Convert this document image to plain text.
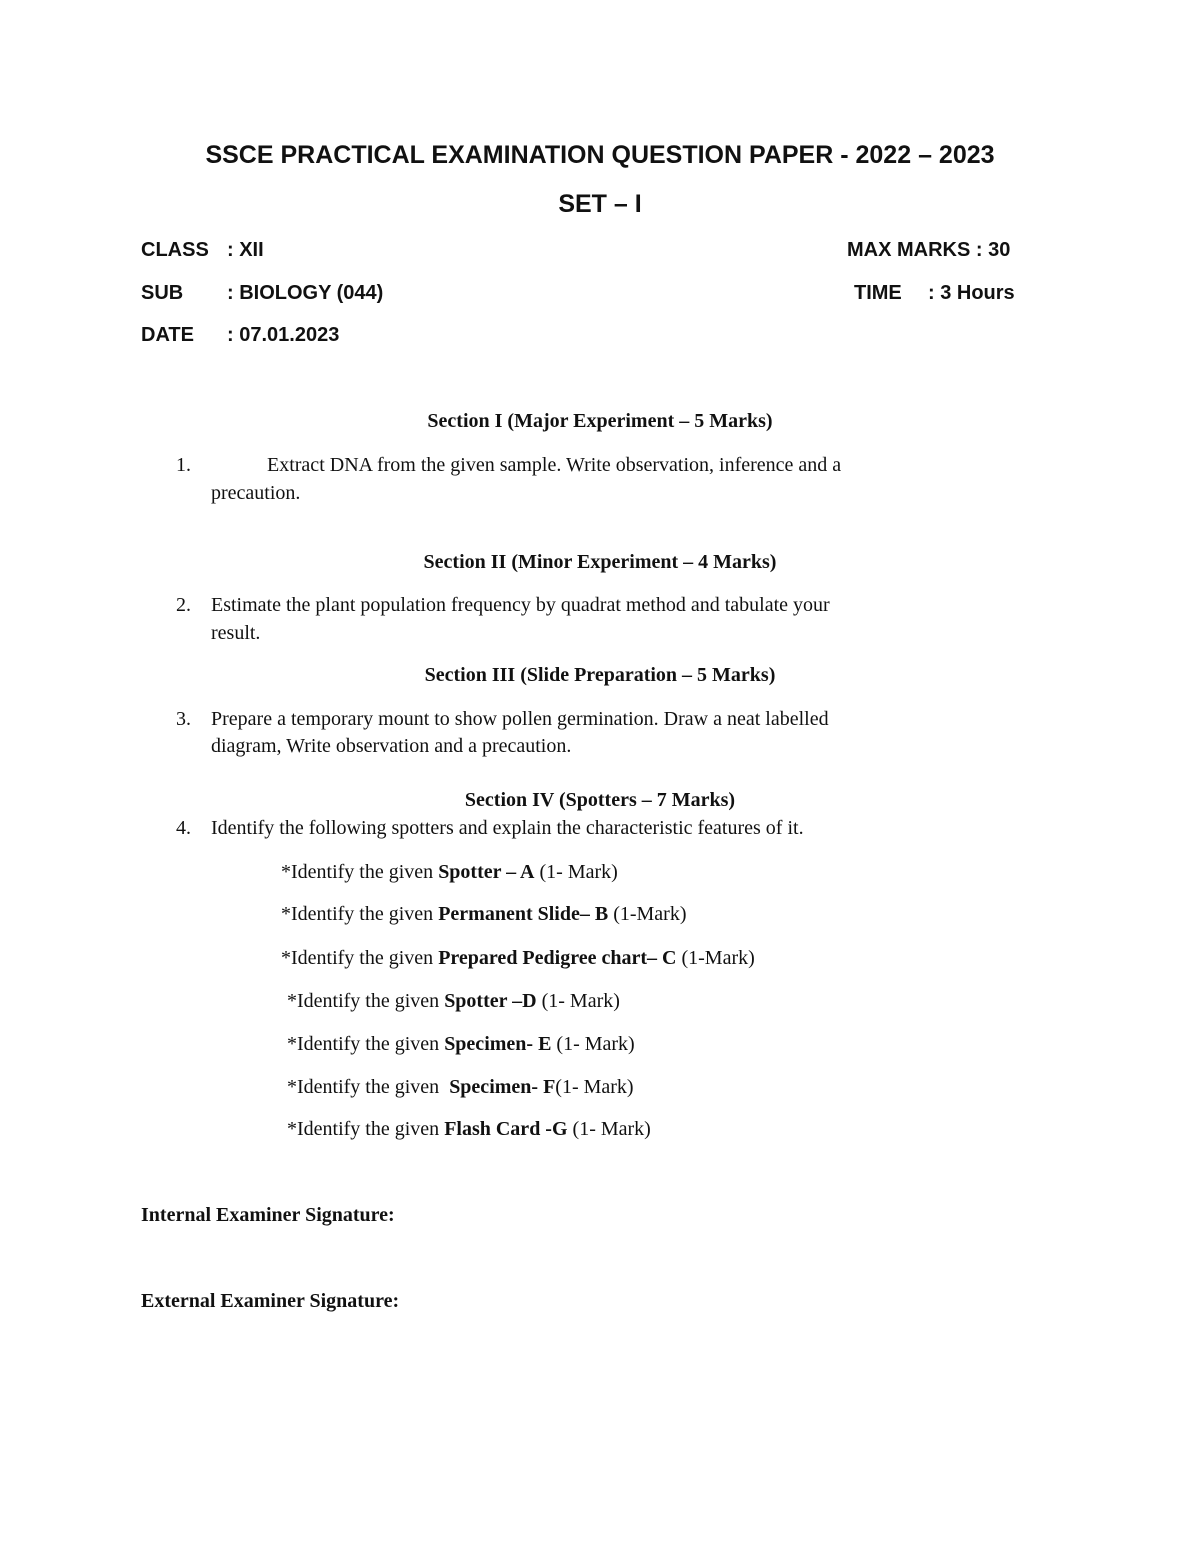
SSCE PRACTICAL EXAMINATION QUESTION PAPER - 2022 – 2023
SET – I
CLASS : XII	MAX MARKS : 30
SUB : BIOLOGY (044)	TIME : 3 Hours
DATE : 07.01.2023
Section I (Major Experiment – 5 Marks)
1.	Extract DNA from the given sample. Write observation, inference and a
precaution.
Section II (Minor Experiment – 4 Marks)
2. Estimate the plant population frequency by quadrat method and tabulate your
result.
Section III (Slide Preparation – 5 Marks)
3. Prepare a temporary mount to show pollen germination. Draw a neat labelled
diagram, Write observation and a precaution.
Section IV (Spotters – 7 Marks)
4. Identify the following spotters and explain the characteristic features of it.
*Identify the given Spotter – A (1- Mark)
*Identify the given Permanent Slide– B (1-Mark)
*Identify the given Prepared Pedigree chart– C (1-Mark)
*Identify the given Spotter –D (1- Mark)
*Identify the given Specimen- E (1- Mark)
*Identify the given  Specimen- F(1- Mark)
*Identify the given Flash Card -G (1- Mark)
Internal Examiner Signature:
External Examiner Signature:
